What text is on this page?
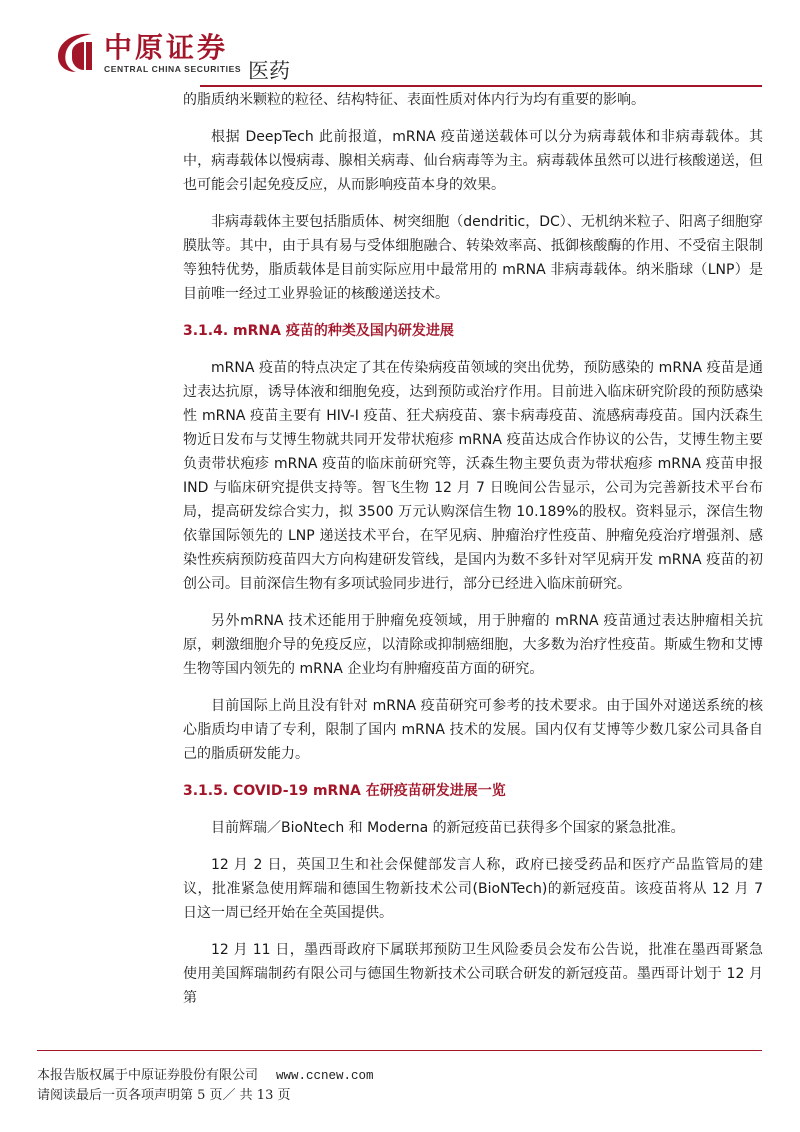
中原证券
CENTRAL CHINA SECURITIES 医药

的脂质纳米颗粒的粒径、结构特征、表面性质对体内行为均有重要的影响。

根据 DeepTech 此前报道，mRNA 疫苗递送载体可以分为病毒载体和非病毒载体。其中，病毒载体以慢病毒、腺相关病毒、仙台病毒等为主。病毒载体虽然可以进行核酸递送，但也可能会引起免疫反应，从而影响疫苗本身的效果。

非病毒载体主要包括脂质体、树突细胞（dendritic，DC）、无机纳米粒子、阳离子细胞穿膜肽等。其中，由于具有易与受体细胞融合、转染效率高、抵御核酸酶的作用、不受宿主限制等独特优势，脂质载体是目前实际应用中最常用的 mRNA 非病毒载体。纳米脂球（LNP）是目前唯一经过工业界验证的核酸递送技术。

3.1.4. mRNA 疫苗的种类及国内研发进展

mRNA 疫苗的特点决定了其在传染病疫苗领域的突出优势，预防感染的 mRNA 疫苗是通过表达抗原，诱导体液和细胞免疫，达到预防或治疗作用。目前进入临床研究阶段的预防感染性 mRNA 疫苗主要有 HIV-I 疫苗、狂犬病疫苗、寨卡病毒疫苗、流感病毒疫苗。国内沃森生物近日发布与艾博生物就共同开发带状疱疹 mRNA 疫苗达成合作协议的公告，艾博生物主要负责带状疱疹 mRNA 疫苗的临床前研究等，沃森生物主要负责为带状疱疹 mRNA 疫苗申报 IND 与临床研究提供支持等。智飞生物 12 月 7 日晚间公告显示，公司为完善新技术平台布局，提高研发综合实力，拟 3500 万元认购深信生物 10.189%的股权。资料显示，深信生物依靠国际领先的 LNP 递送技术平台，在罕见病、肿瘤治疗性疫苗、肿瘤免疫治疗增强剂、感染性疾病预防疫苗四大方向构建研发管线，是国内为数不多针对罕见病开发 mRNA 疫苗的初创公司。目前深信生物有多项试验同步进行，部分已经进入临床前研究。

另外mRNA 技术还能用于肿瘤免疫领域，用于肿瘤的 mRNA 疫苗通过表达肿瘤相关抗原，刺激细胞介导的免疫反应，以清除或抑制癌细胞，大多数为治疗性疫苗。斯威生物和艾博生物等国内领先的 mRNA 企业均有肿瘤疫苗方面的研究。

目前国际上尚且没有针对 mRNA 疫苗研究可参考的技术要求。由于国外对递送系统的核心脂质均申请了专利，限制了国内 mRNA 技术的发展。国内仅有艾博等少数几家公司具备自己的脂质研发能力。

3.1.5. COVID-19 mRNA 在研疫苗研发进展一览

目前辉瑞／BioNtech 和 Moderna 的新冠疫苗已获得多个国家的紧急批准。

12 月 2 日，英国卫生和社会保健部发言人称，政府已接受药品和医疗产品监管局的建议，批准紧急使用辉瑞和德国生物新技术公司(BioNTech)的新冠疫苗。该疫苗将从 12 月 7 日这一周已经开始在全英国提供。

12 月 11 日，墨西哥政府下属联邦预防卫生风险委员会发布公告说，批准在墨西哥紧急使用美国辉瑞制药有限公司与德国生物新技术公司联合研发的新冠疫苗。墨西哥计划于 12 月第

本报告版权属于中原证券股份有限公司 www.ccnew.com
请阅读最后一页各项声明第 5 页／ 共 13 页
